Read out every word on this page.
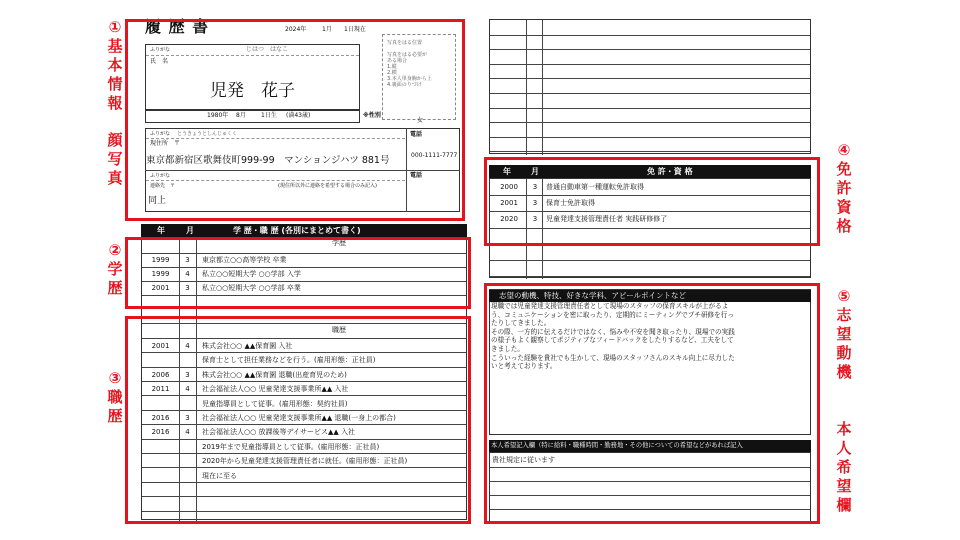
履 歴 書	2024年	1月 1日現在
写真をはる位置

写真をはる必要が
ある場合
1.縦
2.横
3.本人単身胸から上
4.裏面のりづけ
ふりがな	じはつ　はなこ
氏　名
児発　花子
1980年 8月	1日生 (満43歳)	※性別
女
ふりがな とうきょうとしんじゅくく
現住所　〒
東京都新宿区歌舞伎町999-99　マンションジハツ 881号
電話
000-1111-7777
ふりがな
連絡先　〒	(現住所以外に連絡を希望する場合のみ記入)
電話
同上
年	月	学 歴・職 歴 (各別にまとめて書く)
学歴
1999	3	東京都立○○高等学校 卒業
1999	4	私立○○短期大学 ○○学部 入学
2001	3	私立○○短期大学 ○○学部 卒業
職歴
2001	4	株式会社○○ ▲▲保育園 入社
保育士として担任業務などを行う。(雇用形態：正社員)
2006	3	株式会社○○ ▲▲保育園 退職(出産育児のため)
2011	4	社会福祉法人○○ 児童発達支援事業所▲▲ 入社
児童指導員として従事。(雇用形態：契約社員)
2016	3	社会福祉法人○○ 児童発達支援事業所▲▲ 退職(一身上の都合)
2016	4	社会福祉法人○○ 放課後等デイサービス▲▲ 入社
2019年まで児童指導員として従事。(雇用形態：正社員)
2020年から児童発達支援管理責任者に就任。(雇用形態：正社員)
現在に至る
年	月	免 許・資 格
2000	3	普通自動車第一種運転免許取得
2001	3	保育士免許取得
2020	3	児童発達支援管理責任者 実践研修修了
志望の動機、特技、好きな学科、アピールポイントなど
現職では児童発達支援管理責任者として現場のスタッフの保育スキルが上がるよ
う、コミュニケーションを密に取ったり、定期的にミーティングでプチ研修を行っ
たりしてきました。
その際、一方的に伝えるだけではなく、悩みや不安を聞き取ったり、現場での実践
の様子もよく観察してポジティブなフィードバックをしたりするなど、工夫をして
きました。
こういった経験を貴社でも生かして、現場のスタッフさんのスキル向上に尽力した
いと考えております。
本人希望記入欄（特に給料・職種時間・勤務地・その他についての希望などがあれば記入
貴社規定に従います
①
基
本
情
報
顔
写
真
②
学
歴
③
職
歴
④
免
許
資
格
⑤
志
望
動
機
本
人
希
望
欄
